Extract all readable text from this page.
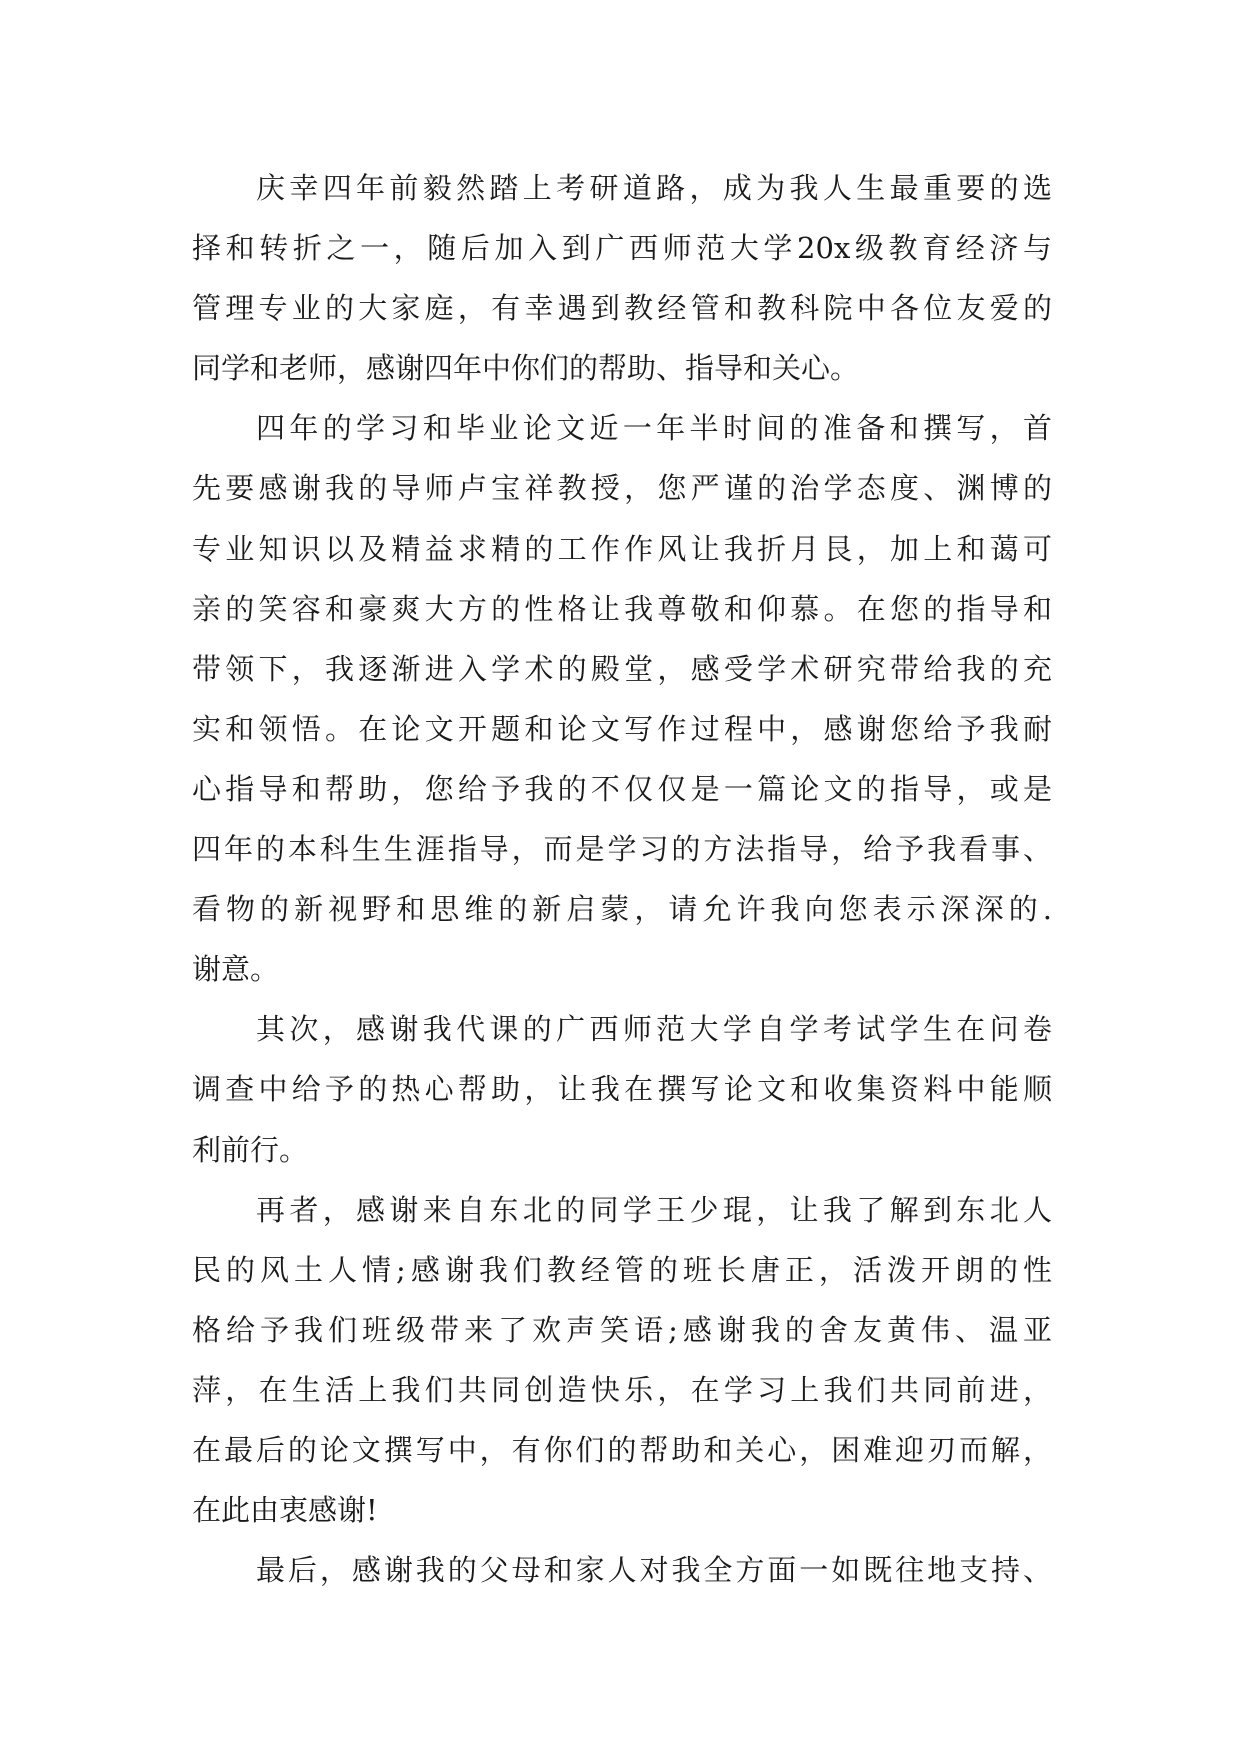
庆幸四年前毅然踏上考研道路，成为我人生最重要的选
择和转折之一，随后加入到广西师范大学20x级教育经济与
管理专业的大家庭，有幸遇到教经管和教科院中各位友爱的
同学和老师，感谢四年中你们的帮助、指导和关心。
四年的学习和毕业论文近一年半时间的准备和撰写，首
先要感谢我的导师卢宝祥教授，您严谨的治学态度、渊博的
专业知识以及精益求精的工作作风让我折月艮，加上和蔼可
亲的笑容和豪爽大方的性格让我尊敬和仰慕。在您的指导和
带领下，我逐渐进入学术的殿堂，感受学术研究带给我的充
实和领悟。在论文开题和论文写作过程中，感谢您给予我耐
心指导和帮助，您给予我的不仅仅是一篇论文的指导，或是
四年的本科生生涯指导，而是学习的方法指导，给予我看事、
看物的新视野和思维的新启蒙，请允许我向您表示深深的.
谢意。
其次，感谢我代课的广西师范大学自学考试学生在问卷
调查中给予的热心帮助，让我在撰写论文和收集资料中能顺
利前行。
再者，感谢来自东北的同学王少琨，让我了解到东北人
民的风土人情;感谢我们教经管的班长唐正，活泼开朗的性
格给予我们班级带来了欢声笑语;感谢我的舍友黄伟、温亚
萍，在生活上我们共同创造快乐，在学习上我们共同前进，
在最后的论文撰写中，有你们的帮助和关心，困难迎刃而解，
在此由衷感谢!
最后，感谢我的父母和家人对我全方面一如既往地支持、
